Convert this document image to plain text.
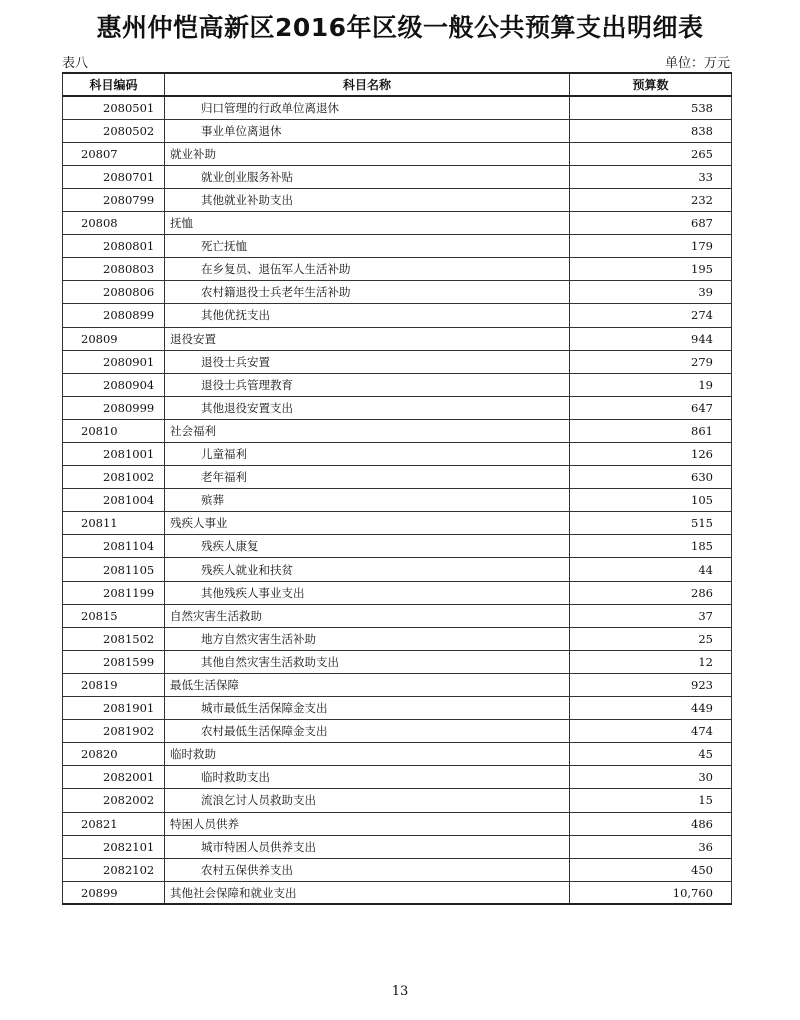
惠州仲恺高新区2016年区级一般公共预算支出明细表
表八	单位：万元
科目编码	科目名称	预算数
2080501	归口管理的行政单位离退休	538
2080502	事业单位离退休	838
20807	就业补助	265
2080701	就业创业服务补贴	33
2080799	其他就业补助支出	232
20808	抚恤	687
2080801	死亡抚恤	179
2080803	在乡复员、退伍军人生活补助	195
2080806	农村籍退役士兵老年生活补助	39
2080899	其他优抚支出	274
20809	退役安置	944
2080901	退役士兵安置	279
2080904	退役士兵管理教育	19
2080999	其他退役安置支出	647
20810	社会福利	861
2081001	儿童福利	126
2081002	老年福利	630
2081004	殡葬	105
20811	残疾人事业	515
2081104	残疾人康复	185
2081105	残疾人就业和扶贫	44
2081199	其他残疾人事业支出	286
20815	自然灾害生活救助	37
2081502	地方自然灾害生活补助	25
2081599	其他自然灾害生活救助支出	12
20819	最低生活保障	923
2081901	城市最低生活保障金支出	449
2081902	农村最低生活保障金支出	474
20820	临时救助	45
2082001	临时救助支出	30
2082002	流浪乞讨人员救助支出	15
20821	特困人员供养	486
2082101	城市特困人员供养支出	36
2082102	农村五保供养支出	450
20899	其他社会保障和就业支出	10,760
13
